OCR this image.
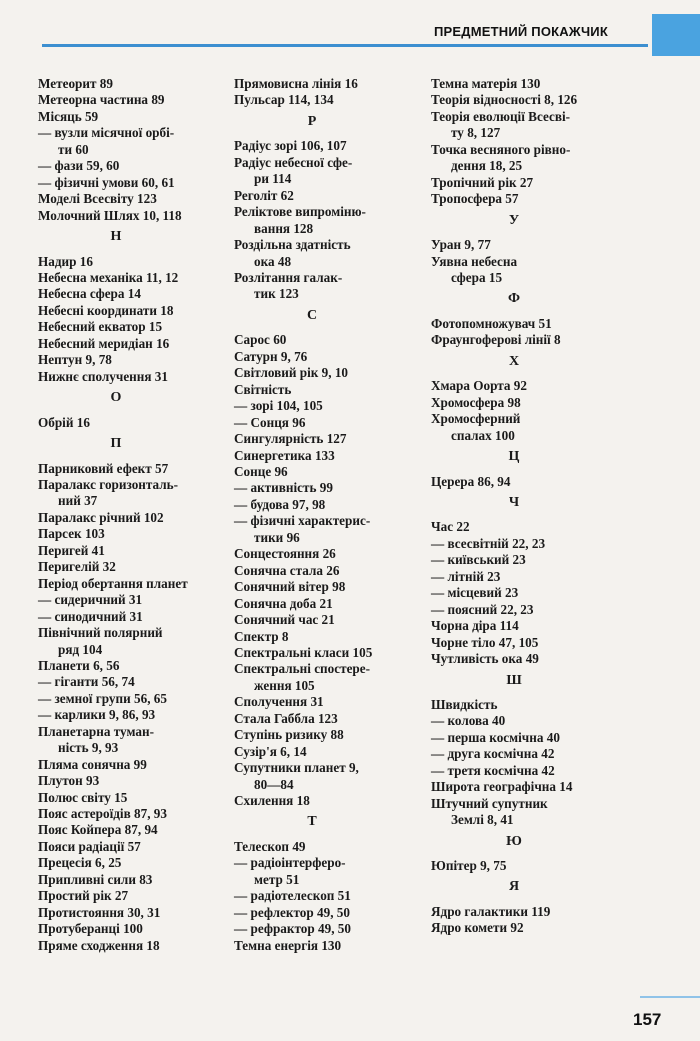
ПРЕДМЕТНИЙ ПОКАЖЧИК
Метеорит 89
Метеорна частина 89
Місяць 59
— вузли місячної орбі-
ти 60
— фази 59, 60
— фізичні умови 60, 61
Моделі Всесвіту 123
Молочний Шлях 10, 118
Н
Надир 16
Небесна механіка 11, 12
Небесна сфера 14
Небесні координати 18
Небесний екватор 15
Небесний меридіан 16
Нептун 9, 78
Нижнє сполучення 31
О
Обрій 16
П
Парниковий ефект 57
Паралакс горизонталь-
ний 37
Паралакс річний 102
Парсек 103
Перигей 41
Перигелій 32
Період обертання планет
— сидеричний 31
— синодичний 31
Північний полярний
ряд 104
Планети 6, 56
— гіганти 56, 74
— земної групи 56, 65
— карлики 9, 86, 93
Планетарна туман-
ність 9, 93
Пляма сонячна 99
Плутон 93
Полюс світу 15
Пояс астероїдів 87, 93
Пояс Койпера 87, 94
Пояси радіації 57
Прецесія 6, 25
Припливні сили 83
Простий рік 27
Протистояння 30, 31
Протуберанці 100
Пряме сходження 18
Прямовисна лінія 16
Пульсар 114, 134
Р
Радіус зорі 106, 107
Радіус небесної сфе-
ри 114
Реголіт 62
Реліктове випроміню-
вання 128
Роздільна здатність
ока 48
Розлітання галак-
тик 123
С
Сарос 60
Сатурн 9, 76
Світловий рік 9, 10
Світність
— зорі 104, 105
— Сонця 96
Сингулярність 127
Синергетика 133
Сонце 96
— активність 99
— будова 97, 98
— фізичні характерис-
тики 96
Сонцестояння 26
Сонячна стала 26
Сонячний вітер 98
Сонячна доба 21
Сонячний час 21
Спектр 8
Спектральні класи 105
Спектральні спостере-
ження 105
Сполучення 31
Стала Габбла 123
Ступінь ризику 88
Сузір'я 6, 14
Супутники планет 9,
80—84
Схилення 18
Т
Телескоп 49
— радіоінтерферо-
метр 51
— радіотелескоп 51
— рефлектор 49, 50
— рефрактор 49, 50
Темна енергія 130
Темна матерія 130
Теорія відносності 8, 126
Теорія еволюції Всесві-
ту 8, 127
Точка весняного рівно-
дення 18, 25
Тропічний рік 27
Тропосфера 57
У
Уран 9, 77
Уявна небесна
сфера 15
Ф
Фотопомножувач 51
Фраунгоферові лінії 8
Х
Хмара Оорта 92
Хромосфера 98
Хромосферний
спалах 100
Ц
Церера 86, 94
Ч
Час 22
— всесвітній 22, 23
— київський 23
— літній 23
— місцевий 23
— поясний 22, 23
Чорна діра 114
Чорне тіло 47, 105
Чутливість ока 49
Ш
Швидкість
— колова 40
— перша космічна 40
— друга космічна 42
— третя космічна 42
Широта географічна 14
Штучний супутник
Землі 8, 41
Ю
Юпітер 9, 75
Я
Ядро галактики 119
Ядро комети 92
157
